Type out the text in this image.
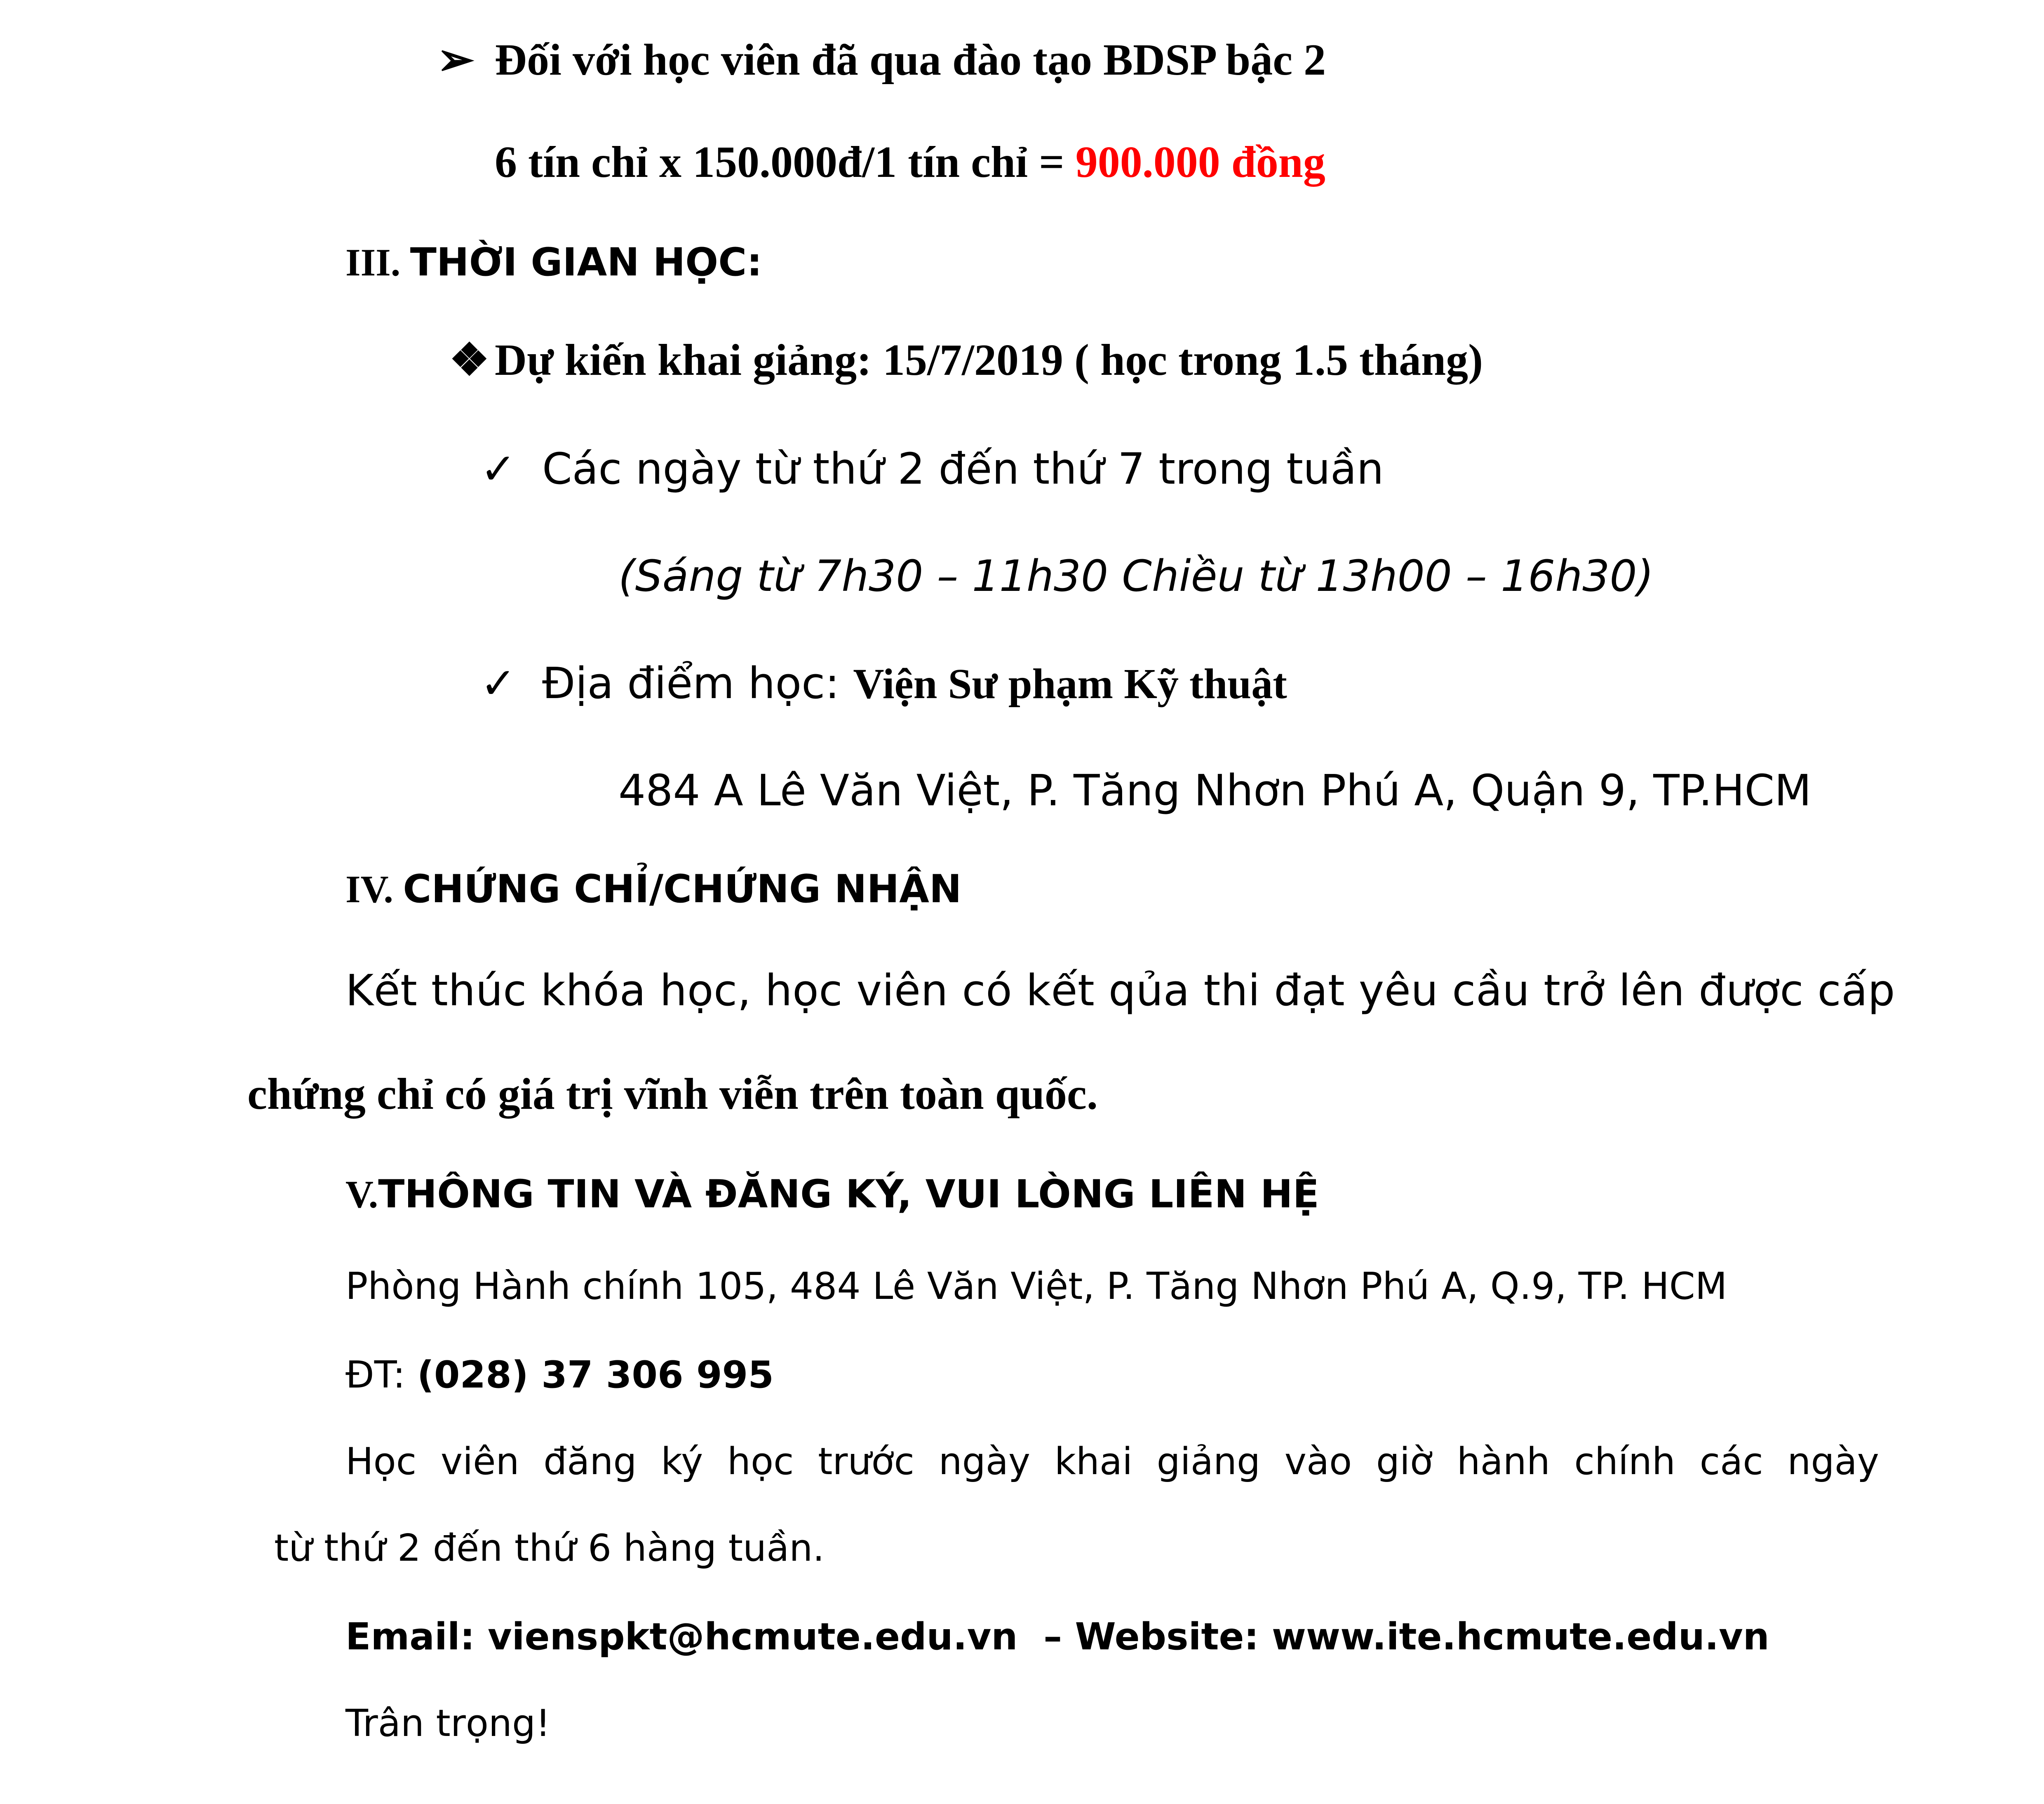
➢ Đối với học viên đã qua đào tạo BDSP bậc 2
6 tín chỉ x 150.000đ/1 tín chỉ = 900.000 đồng
III. THỜI GIAN HỌC:
❖ Dự kiến khai giảng: 15/7/2019 ( học trong 1.5 tháng)
✓ Các ngày từ thứ 2 đến thứ 7 trong tuần
(Sáng từ 7h30 – 11h30 Chiều từ 13h00 – 16h30)
✓ Địa điểm học: Viện Sư phạm Kỹ thuật
484 A Lê Văn Việt, P. Tăng Nhơn Phú A, Quận 9, TP.HCM
IV. CHỨNG CHỈ/CHỨNG NHẬN
Kết thúc khóa học, học viên có kết qủa thi đạt yêu cầu trở lên được cấp
chứng chỉ có giá trị vĩnh viễn trên toàn quốc.
V.THÔNG TIN VÀ ĐĂNG KÝ, VUI LÒNG LIÊN HỆ
Phòng Hành chính 105, 484 Lê Văn Việt, P. Tăng Nhơn Phú A, Q.9, TP. HCM
ĐT: (028) 37 306 995
Học viên đăng ký học trước ngày khai giảng vào giờ hành chính các ngày
từ thứ 2 đến thứ 6 hàng tuần.
Email: vienspkt@hcmute.edu.vn  – Website: www.ite.hcmute.edu.vn
Trân trọng!
